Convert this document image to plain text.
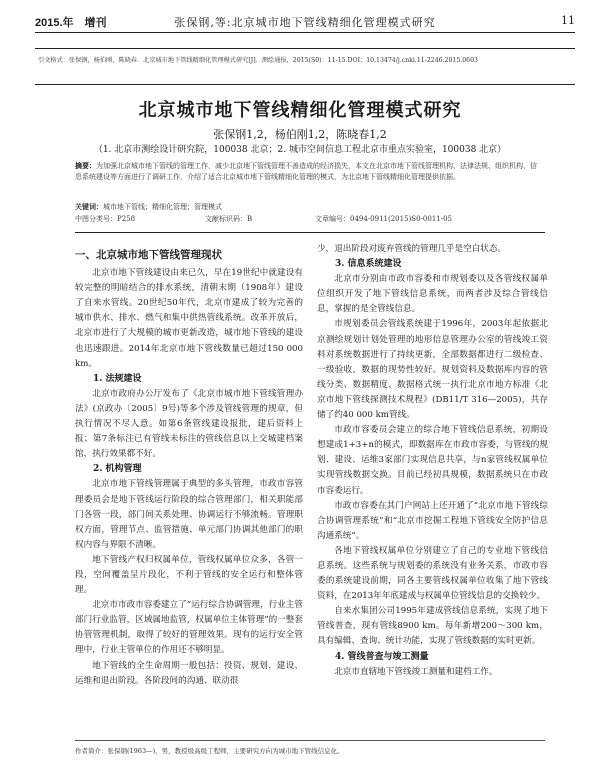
2015.年　增刊	张保钢,等:北京城市地下管线精细化管理模式研究	11
引文格式：张保钢，杨伯刚，陈晓春．北京城市地下管线精细化管理模式研究[J]．测绘通报，2015(S0)：11-15.DOI：10.13474/j.cnki.11-2246.2015.0603
北京城市地下管线精细化管理模式研究
张保钢1,2，杨伯刚1,2，陈晓春1,2
（1. 北京市测绘设计研究院，100038 北京；2. 城市空间信息工程北京市重点实验室，100038 北京）
摘要：为加强北京城市地下管线的管理工作，减少北京地下管线管理不善造成的经济损失，本文在北京市地下管线管理机构、法律法规、组织机构、信息系统建设等方面进行了调研工作，介绍了适合北京城市地下管线精细化管理的模式，为北京地下管线精细化管理提供依据。
关键词：城市地下管线；精细化管理；管理模式
中图分类号：P258	文献标识码：B	文章编号：0494-0911(2015)S0-0011-05
一、北京城市地下管线管理现状

北京市地下管线建设由来已久，早在19世纪中就建设有较完整的明暗结合的排水系统，清朝末期（1908年）建设了自来水管线。20世纪50年代，北京市建成了较为完善的城市供水、排水、燃气和集中供热管线系统。改革开放后，北京市进行了大规模的城市更新改造，城市地下管线的建设也迅速跟进。2014年北京市地下管线数量已超过150 000 km。

1. 法规建设

北京市政府办公厅发布了《北京市城市地下管线管理办法》(京政办〔2005〕9号)等多个涉及管线管理的规章，但执行情况不尽人意。如第6条管线建设报批，建后资料上报；第7条标注已有管线未标注的管线信息以上交城建档案馆，执行效果都不好。

2. 机构管理

北京市地下管线管理属于典型的多头管理，市政市容管理委员会是地下管线运行阶段的综合管理部门，相关职能部门各管一段，部门间关系处理、协调运行不够流畅。管理职权方面，管理节点、监管措施、单元部门协调其他部门的职权内容与界限不清晰。

地下管线产权归权属单位，管线权属单位众多，各管一段，空间覆盖呈片段化，不利于管线的安全运行和整体管理。

北京市市政市容委建立了“运行综合协调管理，行业主管部门行业监管，区域属地监管，权属单位主体管理”的一整套协管管理机制，取得了较好的管理效果。现有的运行安全管理中，行业主管单位的作用还不够明显。

地下管线的全生命周期一般包括：投资、规划、建设、运维和退出阶段。各阶段间的沟通、联动很

少，退出阶段对废弃管线的管理几乎是空白状态。

3. 信息系统建设

北京市分别由市政市容委和市规划委以及各管线权属单位组织开发了地下管线信息系统，而两者涉及综合管线信息，掌握的是全管线信息。

市规划委员会管线系统建于1996年，2003年起依据北京测绘规划计划处管理的地形信息管理办公室的管线竣工资料对系统数据进行了持续更新，全部数据都进行二级检查、一级验收，数据的现势性较好。规划资料及数据库内容的管线分类、数据精度、数据格式统一执行北京市地方标准《北京市地下管线探测技术规程》(DB11/T 316—2005)，共存储了约40 000 km管线。

市政市容委员会建立的综合地下管线信息系统，初期设想建成1+3+n的模式，即数据库在市政市容委，与管线的规划、建设、运维3家部门实现信息共享，与n家管线权属单位实现管线数据交换。目前已经初具规模，数据系统只在市政市容委运行。

市政市容委在其门户网站上还开通了“北京市地下管线综合协调管理系统”和“北京市挖掘工程地下管线安全防护信息沟通系统”。

各地下管线权属单位分别建立了自己的专业地下管线信息系统。这些系统与规划委的系统没有业务关系，市政市容委的系统建设前期，同各主要管线权属单位收集了地下管线资料，在2013年年底建成与权属单位管线信息的交换较少。

自来水集团公司1995年建成管线信息系统，实现了地下管线普查，现有管线8900 km。每年新增200～300 km，具有编辑、查询、统计功能，实现了管线数据的实时更新。

4. 管线普查与竣工测量

北京市直辖地下管线竣工测量和建档工作。

作者简介：张保钢(1963—)，男，教授级高级工程师，主要研究方向为城市地下管线信息化。
